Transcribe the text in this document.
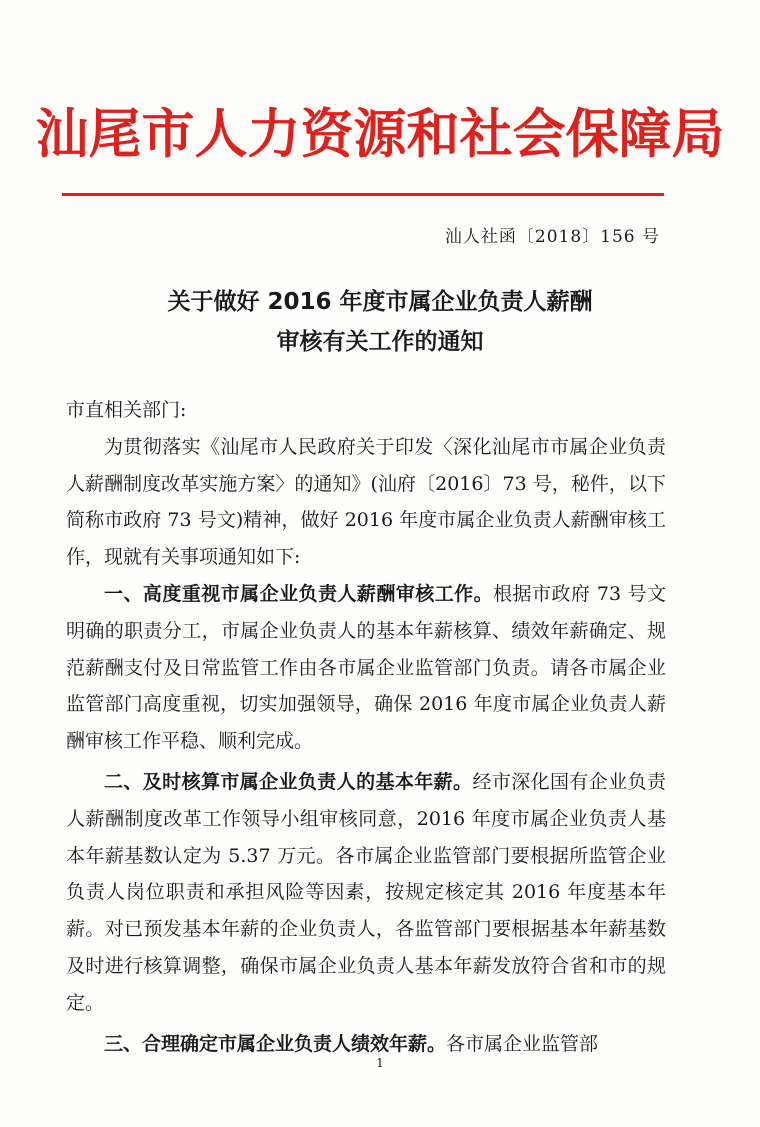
汕尾市人力资源和社会保障局
汕人社函〔2018〕156 号
关于做好 2016 年度市属企业负责人薪酬
审核有关工作的通知

市直相关部门:

为贯彻落实《汕尾市人民政府关于印发〈深化汕尾市市属企业负责人薪酬制度改革实施方案〉的通知》(汕府〔2016〕73 号，秘件，以下简称市政府 73 号文)精神，做好 2016 年度市属企业负责人薪酬审核工作，现就有关事项通知如下:

一、高度重视市属企业负责人薪酬审核工作。根据市政府 73 号文明确的职责分工，市属企业负责人的基本年薪核算、绩效年薪确定、规范薪酬支付及日常监管工作由各市属企业监管部门负责。请各市属企业监管部门高度重视，切实加强领导，确保 2016 年度市属企业负责人薪酬审核工作平稳、顺利完成。

二、及时核算市属企业负责人的基本年薪。经市深化国有企业负责人薪酬制度改革工作领导小组审核同意，2016 年度市属企业负责人基本年薪基数认定为 5.37 万元。各市属企业监管部门要根据所监管企业负责人岗位职责和承担风险等因素，按规定核定其 2016 年度基本年薪。对已预发基本年薪的企业负责人，各监管部门要根据基本年薪基数及时进行核算调整，确保市属企业负责人基本年薪发放符合省和市的规定。

三、合理确定市属企业负责人绩效年薪。各市属企业监管部

1
